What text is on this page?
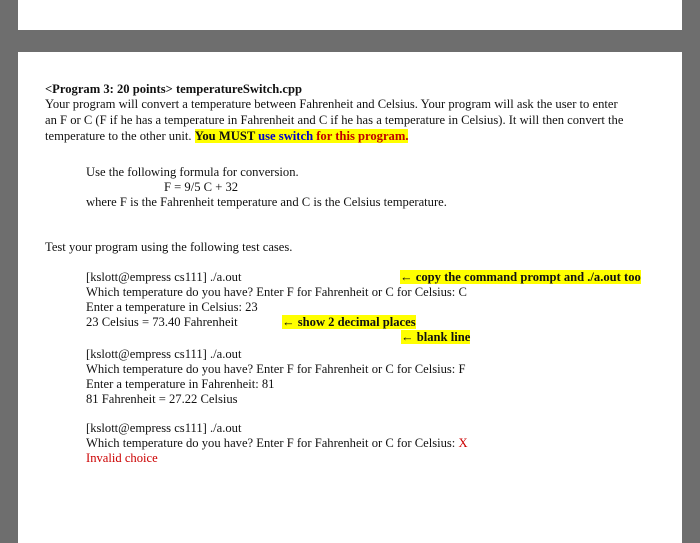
<Program 3: 20 points> temperatureSwitch.cpp
Your program will convert a temperature between Fahrenheit and Celsius. Your program will ask the user to enter
an F or C (F if he has a temperature in Fahrenheit and C if he has a temperature in Celsius). It will then convert the
temperature to the other unit. You MUST use switch for this program.
Use the following formula for conversion.
F = 9/5 C + 32
where F is the Fahrenheit temperature and C is the Celsius temperature.
Test your program using the following test cases.
[kslott@empress cs111] ./a.out	← copy the command prompt and ./a.out too
Which temperature do you have? Enter F for Fahrenheit or C for Celsius: C
Enter a temperature in Celsius: 23
23 Celsius = 73.40 Fahrenheit	← show 2 decimal places
← blank line
[kslott@empress cs111] ./a.out
Which temperature do you have? Enter F for Fahrenheit or C for Celsius: F
Enter a temperature in Fahrenheit: 81
81 Fahrenheit = 27.22 Celsius
[kslott@empress cs111] ./a.out
Which temperature do you have? Enter F for Fahrenheit or C for Celsius: X
Invalid choice
